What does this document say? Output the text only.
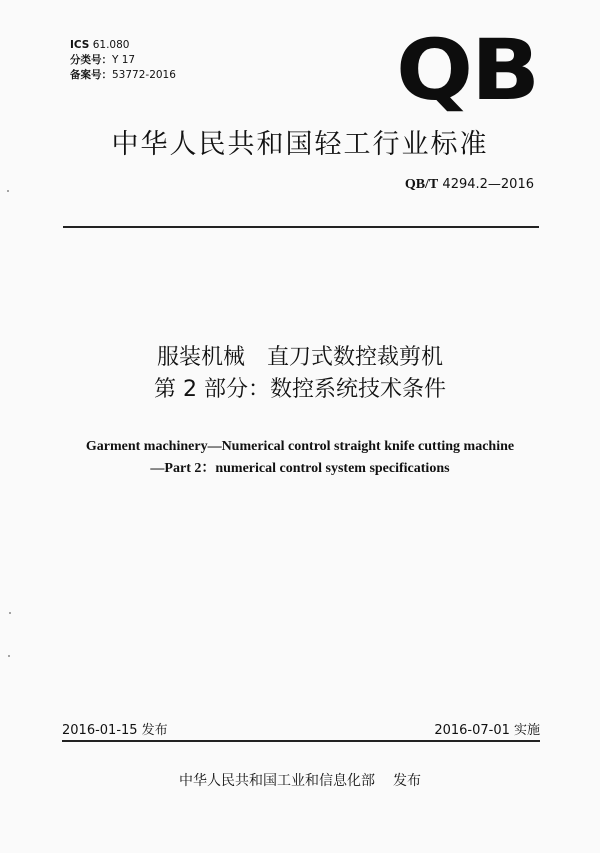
ICS 61.080
分类号：Y 17
备案号：53772-2016	QB
中华人民共和国轻工行业标准
QB/T 4294.2—2016
服装机械　直刀式数控裁剪机
第 2 部分：数控系统技术条件
Garment machinery—Numerical control straight knife cutting machine
—Part 2：numerical control system specifications
2016-01-15 发布	2016-07-01 实施
中华人民共和国工业和信息化部 发布
